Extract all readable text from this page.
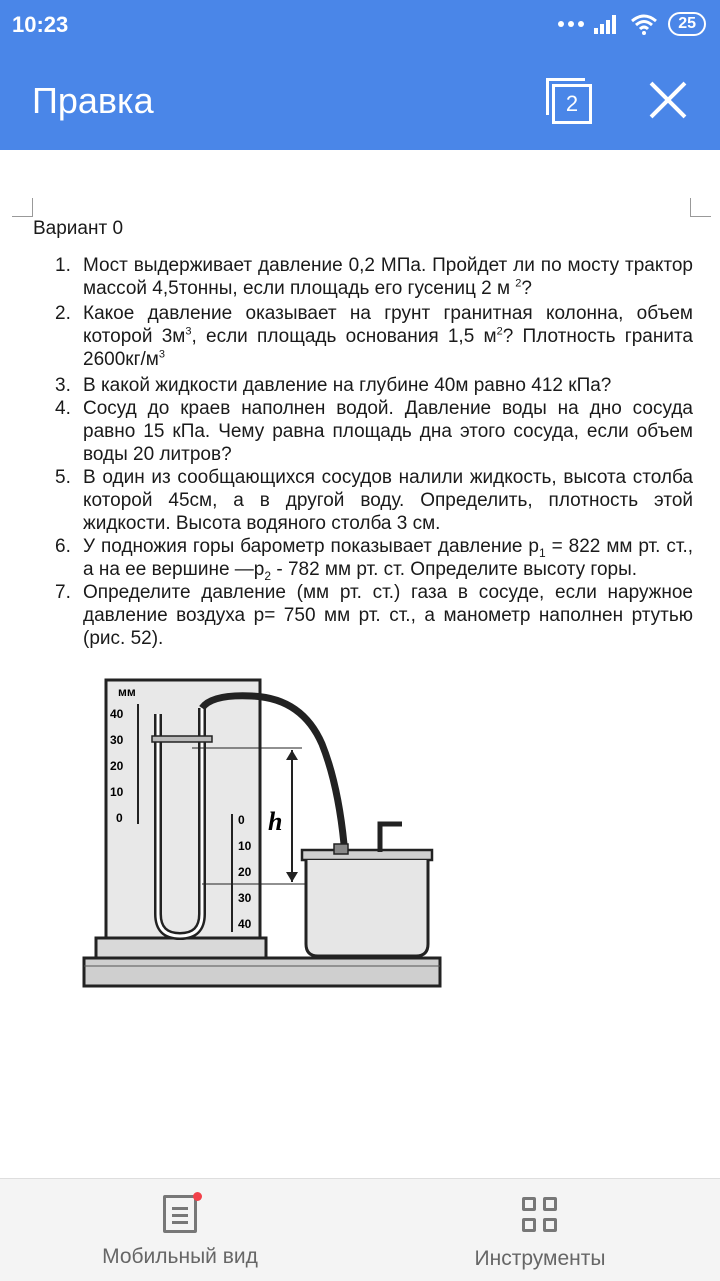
10:23	25
Правка	2
Вариант 0
1. Мост выдерживает давление 0,2 МПа. Пройдет ли по мосту трактор массой 4,5тонны, если площадь его гусениц 2 м $^2$?
2. Какое давление оказывает на грунт гранитная колонна, объем которой $3м^3$, если площадь основания 1,5 $м^2$? Плотность гранита $2600кг/м^3$
3. В какой жидкости давление на глубине 40м равно 412 кПа?
4. Сосуд до краев наполнен водой. Давление воды на дно сосуда равно 15 кПа. Чему равна площадь дна этого сосуда, если объем воды 20 литров?
5. В один из сообщающихся сосудов налили жидкость, высота столба которой 45см, а в другой воду. Определить, плотность этой жидкости. Высота водяного столба 3 см.
6. У подножия горы барометр показывает давление $р_1 = 822$ мм рт. ст., а на ее вершине $—р_2 - 782$ мм рт. ст. Определите высоту горы.
7. Определите давление (мм рт. ст.) газа в сосуде, если наружное давление воздуха р= 750 мм рт. ст., а манометр наполнен ртутью (рис. 52).
мм
40
30
20
10
0	0
10
20
30
40
h
Мобильный вид	Инструменты
